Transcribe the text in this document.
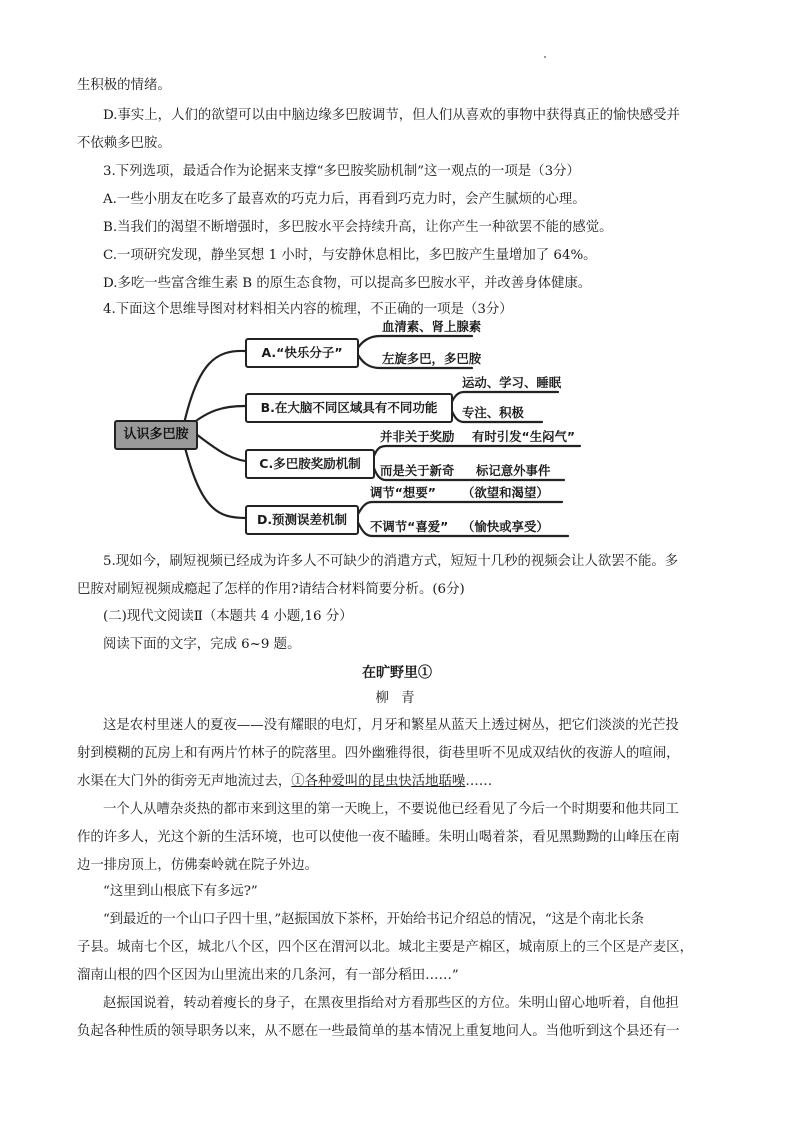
生积极的情绪。
D.事实上，人们的欲望可以由中脑边缘多巴胺调节，但人们从喜欢的事物中获得真正的愉快感受并
不依赖多巴胺。
3.下列选项，最适合作为论据来支撑“多巴胺奖励机制”这一观点的一项是（3分）
A.一些小朋友在吃多了最喜欢的巧克力后，再看到巧克力时，会产生腻烦的心理。
B.当我们的渴望不断增强时，多巴胺水平会持续升高，让你产生一种欲罢不能的感觉。
C.一项研究发现，静坐冥想 1 小时，与安静休息相比，多巴胺产生量增加了 64%。
D.多吃一些富含维生素 B 的原生态食物，可以提高多巴胺水平，并改善身体健康。
4.下面这个思维导图对材料相关内容的梳理，不正确的一项是（3分）
认识多巴胺
A.“快乐分子”
B.在大脑不同区域具有不同功能
C.多巴胺奖励机制
D.预测误差机制
血清素、肾上腺素
左旋多巴，多巴胺
运动、学习、睡眠
专注、积极
并非关于奖励 有时引发“生闷气”
而是关于新奇 标记意外事件
调节“想要” （欲望和渴望）
不调节“喜爱” （愉快或享受）
5.现如今，刷短视频已经成为许多人不可缺少的消遣方式，短短十几秒的视频会让人欲罢不能。多
巴胺对刷短视频成瘾起了怎样的作用?请结合材料简要分析。(6分)
(二)现代文阅读Ⅱ（本题共 4 小题,16 分）
阅读下面的文字，完成 6~9 题。
在旷野里①
柳 青
这是农村里迷人的夏夜——没有耀眼的电灯，月牙和繁星从蓝天上透过树丛，把它们淡淡的光芒投
射到模糊的瓦房上和有两片竹林子的院落里。四外幽雅得很，街巷里听不见成双结伙的夜游人的喧闹，
水渠在大门外的街旁无声地流过去，①各种爱叫的昆虫快活地聒噪……
一个人从嘈杂炎热的都市来到这里的第一天晚上，不要说他已经看见了今后一个时期要和他共同工
作的许多人，光这个新的生活环境，也可以使他一夜不瞌睡。朱明山喝着茶，看见黑黝黝的山峰压在南
边一排房顶上，仿佛秦岭就在院子外边。
“这里到山根底下有多远?”
“到最近的一个山口子四十里，”赵振国放下茶杯，开始给书记介绍总的情况，“这是个南北长条
子县。城南七个区，城北八个区，四个区在渭河以北。城北主要是产棉区，城南原上的三个区是产麦区，
溜南山根的四个区因为山里流出来的几条河，有一部分稻田……”
赵振国说着，转动着瘦长的身子，在黑夜里指给对方看那些区的方位。朱明山留心地听着，自他担
负起各种性质的领导职务以来，从不愿在一些最简单的基本情况上重复地问人。当他听到这个县还有一
